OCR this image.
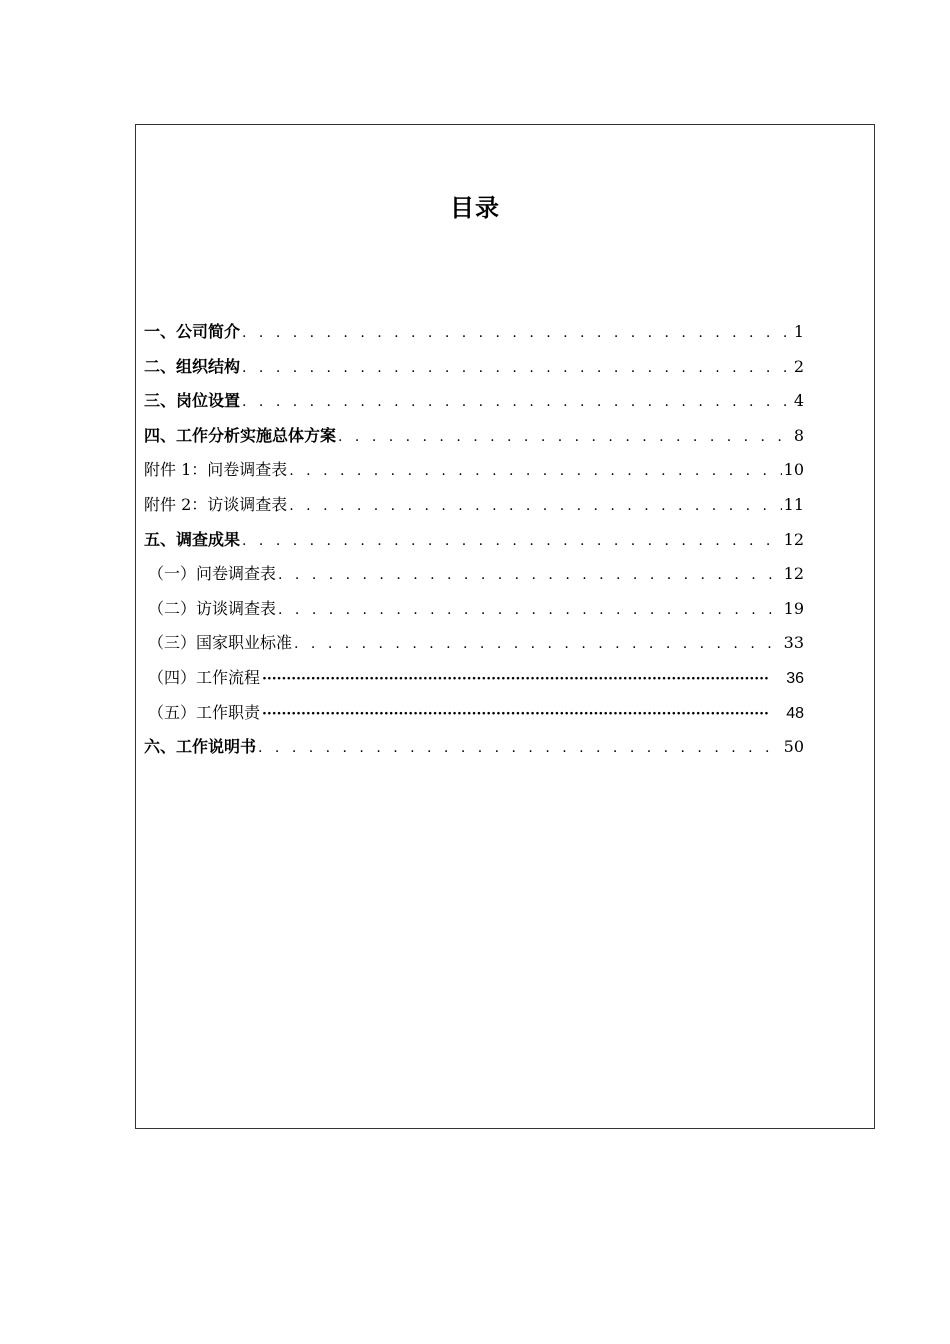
目录
一、公司简介 . . .	1
二、组织结构 . . .	2
三、岗位设置 . . .	4
四、工作分析实施总体方案 . . .	8
附件 1：问卷调查表 . . .	10
附件 2：访谈调查表 . . .	11
五、调查成果 . . .	12
（一）问卷调查表 . . .	12
（二）访谈调查表 . . .	19
（三）国家职业标准 . . .	33
（四）工作流程 ·····	36
（五）工作职责 ·····	48
六、工作说明书 . . .	50
